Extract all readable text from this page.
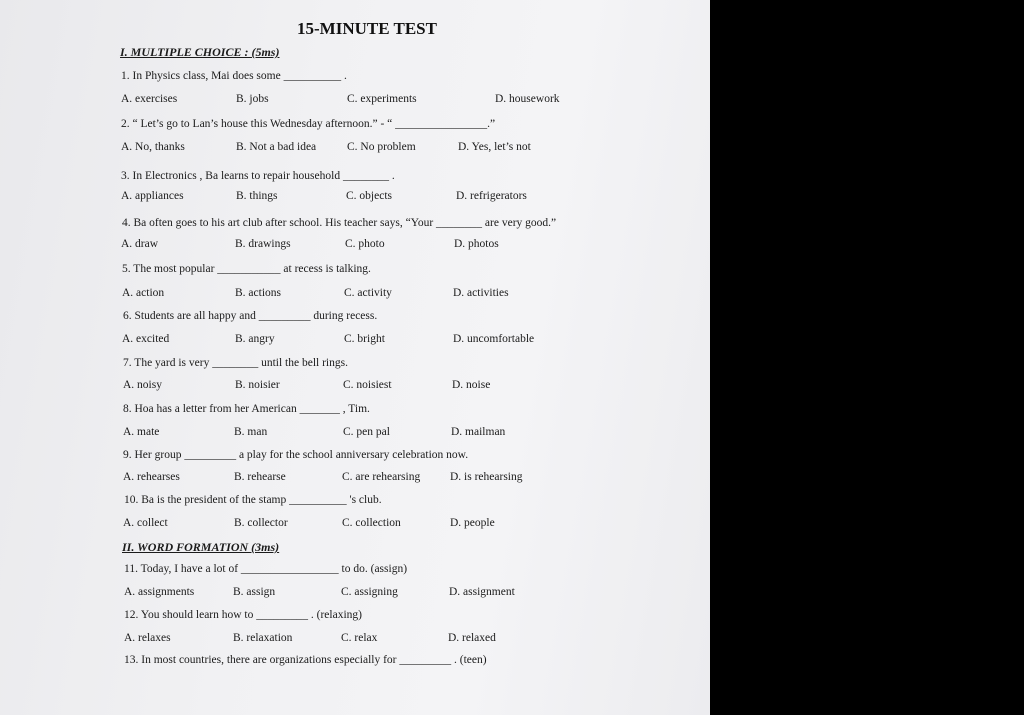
15-MINUTE TEST
I. MULTIPLE CHOICE : (5ms)
1. In Physics class, Mai does some __________ .
A. exercises	B. jobs	C. experiments	D. housework
2. “ Let’s go to Lan’s house this Wednesday afternoon.” - “ ________________.”
A. No, thanks	B. Not a bad idea	C. No problem	D. Yes, let’s not
3. In Electronics , Ba learns to repair household ________ .
A. appliances	B. things	C. objects	D. refrigerators
4. Ba often goes to his art club after school. His teacher says, “Your ________ are very good.”
A. draw	B. drawings	C. photo	D. photos
5. The most popular ___________ at recess is talking.
A. action	B. actions	C. activity	D. activities
6. Students are all happy and _________ during recess.
A. excited	B. angry	C. bright	D. uncomfortable
7. The yard is very ________ until the bell rings.
A. noisy	B. noisier	C. noisiest	D. noise
8. Hoa has a letter from her American _______ , Tim.
A. mate	B. man	C. pen pal	D. mailman
9. Her group _________ a play for the school anniversary celebration now.
A. rehearses	B. rehearse	C. are rehearsing	D. is rehearsing
10. Ba is the president of the stamp __________ 's club.
A. collect	B. collector	C. collection	D. people
11. Today, I have a lot of _________________ to do. (assign)
A. assignments	B. assign	C. assigning	D. assignment
12. You should learn how to _________ . (relaxing)
A. relaxes	B. relaxation	C. relax	D. relaxed
13. In most countries, there are organizations especially for _________ . (teen)
II. WORD FORMATION (3ms)
